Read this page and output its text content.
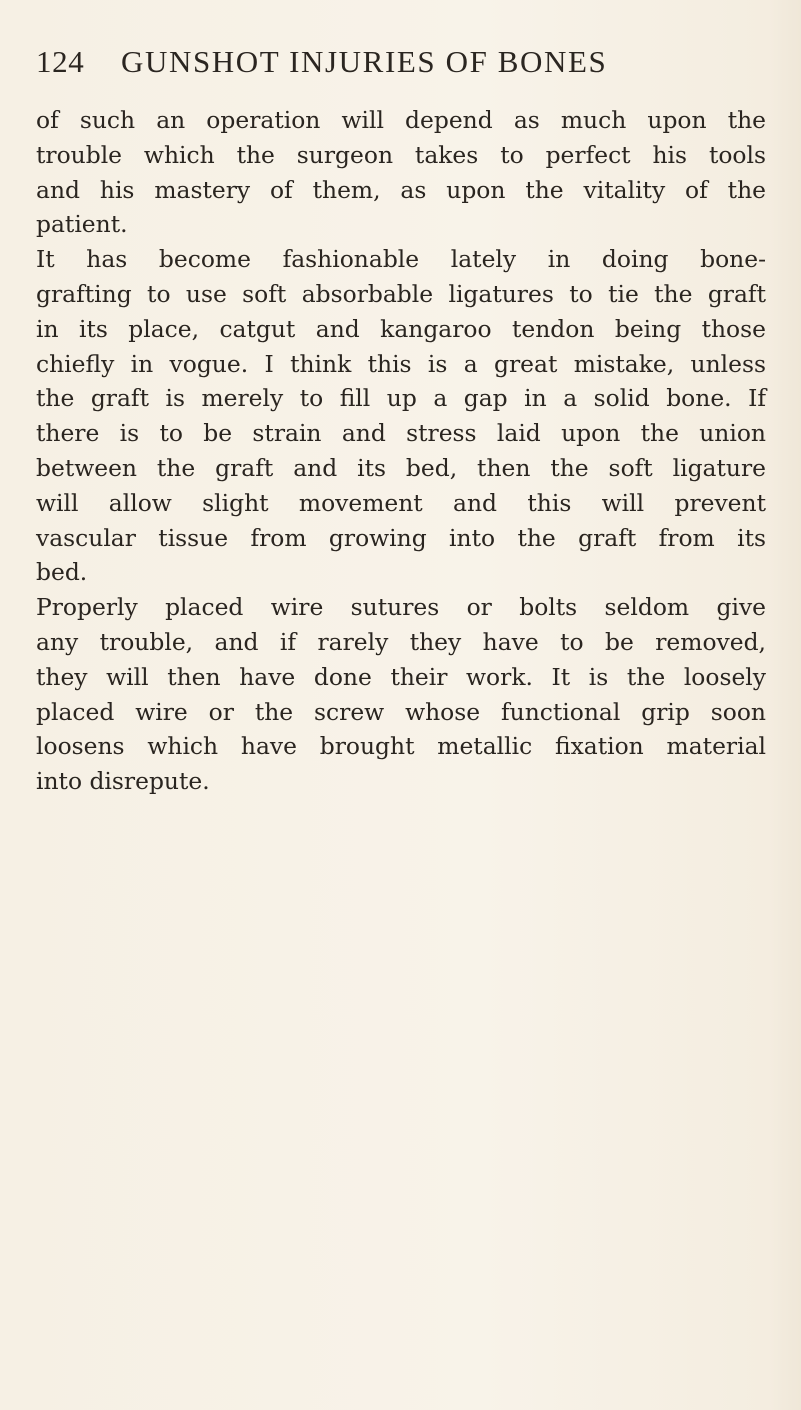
124 GUNSHOT INJURIES OF BONES

of such an operation will depend as much upon the
trouble which the surgeon takes to perfect his tools
and his mastery of them, as upon the vitality of the
patient.

It has become fashionable lately in doing bone-
grafting to use soft absorbable ligatures to tie the graft
in its place, catgut and kangaroo tendon being those
chiefly in vogue. I think this is a great mistake, unless
the graft is merely to fill up a gap in a solid bone. If
there is to be strain and stress laid upon the union
between the graft and its bed, then the soft ligature
will allow slight movement and this will prevent
vascular tissue from growing into the graft from its
bed.

Properly placed wire sutures or bolts seldom give
any trouble, and if rarely they have to be removed,
they will then have done their work. It is the loosely
placed wire or the screw whose functional grip soon
loosens which have brought metallic fixation material
into disrepute.
